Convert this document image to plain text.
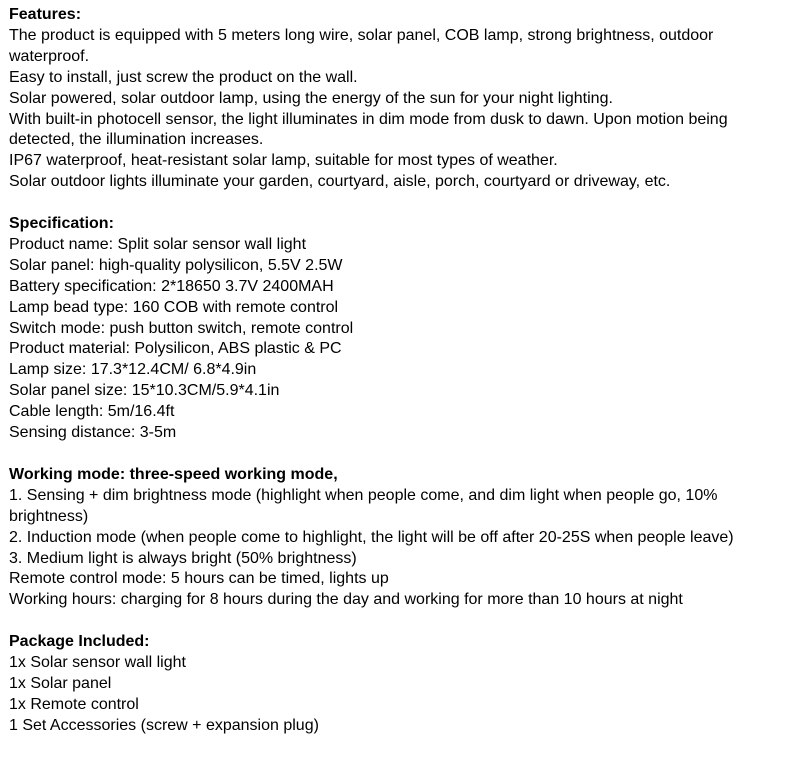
Features:

The product is equipped with 5 meters long wire, solar panel, COB lamp, strong brightness, outdoor waterproof.

Easy to install, just screw the product on the wall.

Solar powered, solar outdoor lamp, using the energy of the sun for your night lighting.

With built-in photocell sensor, the light illuminates in dim mode from dusk to dawn. Upon motion being detected, the illumination increases.

IP67 waterproof, heat-resistant solar lamp, suitable for most types of weather.

Solar outdoor lights illuminate your garden, courtyard, aisle, porch, courtyard or driveway, etc.

Specification:

Product name: Split solar sensor wall light

Solar panel: high-quality polysilicon, 5.5V 2.5W

Battery specification: 2*18650 3.7V 2400MAH

Lamp bead type: 160 COB with remote control

Switch mode: push button switch, remote control

Product material: Polysilicon, ABS plastic & PC

Lamp size: 17.3*12.4CM/ 6.8*4.9in

Solar panel size: 15*10.3CM/5.9*4.1in

Cable length: 5m/16.4ft

Sensing distance: 3-5m

Working mode: three-speed working mode,

1. Sensing + dim brightness mode (highlight when people come, and dim light when people go, 10% brightness)

2. Induction mode (when people come to highlight, the light will be off after 20-25S when people leave)

3. Medium light is always bright (50% brightness)

Remote control mode: 5 hours can be timed, lights up

Working hours: charging for 8 hours during the day and working for more than 10 hours at night

Package Included:

1x Solar sensor wall light

1x Solar panel

1x Remote control

1 Set Accessories (screw + expansion plug)
